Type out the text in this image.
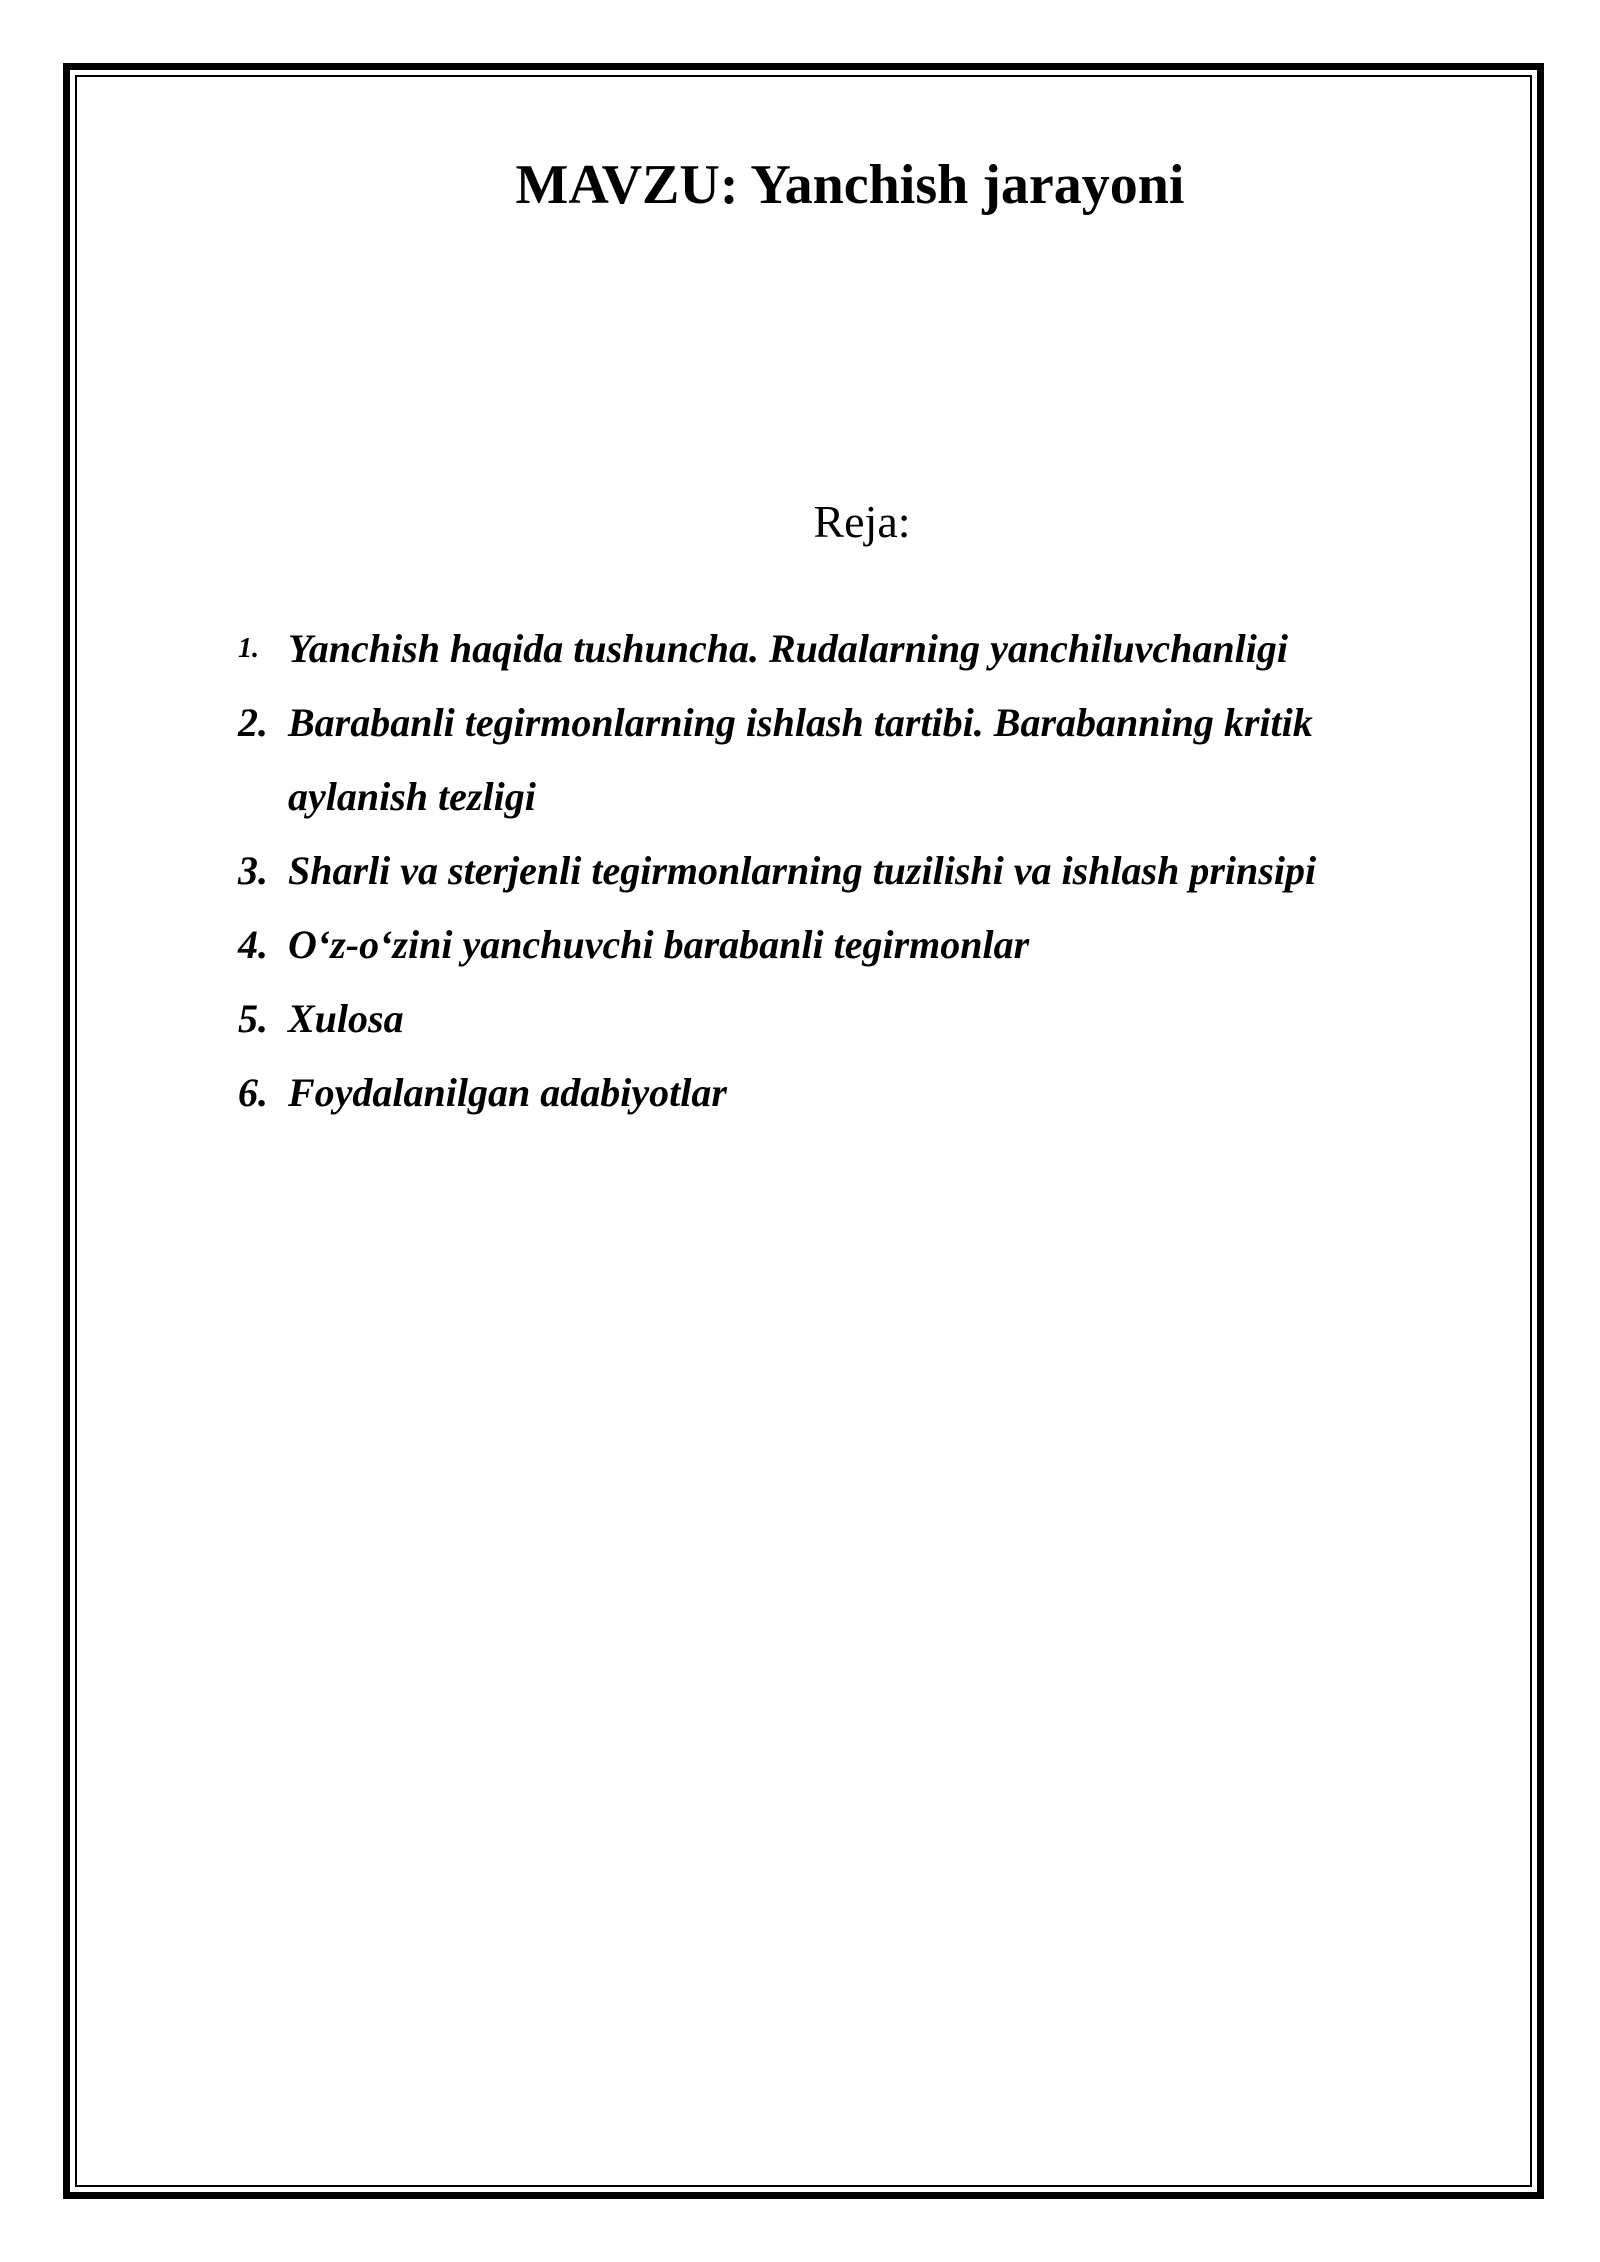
MAVZU: Yanchish jarayoni
Reja:
1. Yanchish haqida tushuncha. Rudalarning yanchiluvchanligi
2. Barabanli tegirmonlarning ishlash tartibi. Barabanning kritik aylanish tezligi
3. Sharli va sterjenli tegirmonlarning tuzilishi va ishlash prinsipi
4. O‘z-o‘zini yanchuvchi barabanli tegirmonlar
5. Xulosa
6. Foydalanilgan adabiyotlar
